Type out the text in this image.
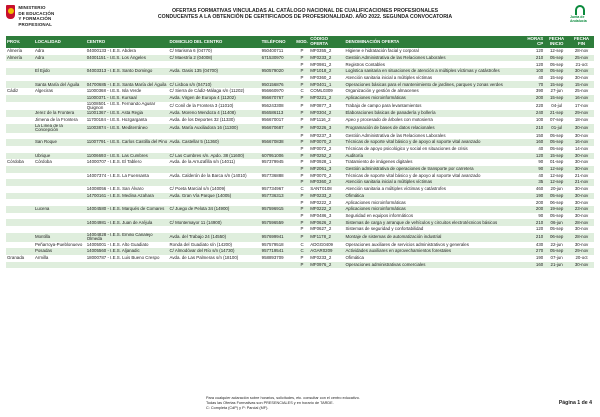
MINISTERIO
DE EDUCACIÓN
Y FORMACIÓN PROFESIONAL
OFERTAS FORMATIVAS VINCULADAS AL CATÁLOGO NACIONAL DE CUALIFICACIONES PROFESIONALES
CONDUCENTES A LA OBTENCIÓN DE CERTIFICADOS DE PROFESIONALIDAD. AÑO 2022. SEGUNDA CONVOCATORIA	Junta de Andalucía
PROV.	LOCALIDAD	CENTRO	DOMICILIO DEL CENTRO	TELÉFONO	MOD.	CÓDIGO OFERTA	DENOMINACIÓN OFERTA	HORAS CP	FECHA INICIO	FECHA FIN
Almería	Adra	04000133 - I.E.S. Abdera	C/ Marisma 6 (04770)	950400711	P	MF0355_2	Higiene e hidratación facial y corporal	120	12-sep	28-nov
Almería	Adra	04001151 - I.E.S. Los Ángeles	C/ Maestría 2 (04008)	671530970	P	MF0233_2	Gestión Administrativa de las Relaciones Laborales	210	05-sep	25-nov
					P	MF0981_2	Registros Contables	120	05-sep	21-oct
	El Ejido	04003313 - I.E.S. Santo Domingo	Avda. Oasis 135 (04700)	950579020	P	MF1018_2	Logística sanitaria en situaciones de atención a múltiples víctimas y catástrofes	100	05-sep	30-nov
					P	MF0360_2	Atención sanitaria inicial a múltiples víctimas	40	15-sep	30-nov
	Santa María del Águila	04700685 - I.E.S. Santa María del Águila	C/ Lisboa s/n (04710)	950156876	P	MF0401_1	Operaciones básicas para el mantenimiento de jardines, parques y zonas verdes	70	15-sep	15-nov
Cádiz	Algeciras	11000368 - I.E.S. Isla Verde	C/ Sierra de Cádiz-Málaga s/n (11202)	956660970	C	COML0309	Organización y gestión de almacenes	390	27-jun	25-nov
		11000371 - I.E.S. Kursaal	Avda. Virgen de Europa 4 (11202)	956670767	P	MF0221_2	Aplicaciones microinformáticas	200	15-sep	16-nov
		11008501 - I.E.S. Fernando Aguilar Quignon	C/ Conil de la Frontera 3 (11010)	956243308	P	MF0877_3	Trabajo de campo para levantamientos	220	04-jul	17-nov
	Jerez de la Frontera	11001367 - I.E.S. Asta Regia	Avda. Moreno Mendoza 4 (11408)	856586113	P	MF0304_2	Elaboraciones básicas de panadería y bollería	240	21-sep	29-nov
	Jimena de la Frontera	11700184 - I.E.S. Hozgarganta	Avda. de los Deportes 32 (11330)	956670017	P	MF1116_2	Apeo y procesado de árboles con motosierra	100	07-sep	18-nov
	La Línea de la Concepción	11003874 - I.E.S. Mediterráneo	Avda. María Auxiliadora 16 (11300)	956670687	P	MF0226_3	Programación de bases de datos relacionales	210	01-jul	30-nov
					P	MF0237_3	Gestión Administrativa de las Relaciones Laborales	150	05-sep	30-nov
	San Roque	11007791 - I.E.S. Carlos Castilla del Pino	Avda. Castellar 5 (11360)	956670838	P	MF0070_2	Técnicas de soporte vital básico y de apoyo al soporte vital avanzado	160	05-sep	16-nov
					P	MF0072_2	Técnicas de apoyo psicológico y social en situaciones de crisis	40	05-sep	14-nov
	Ubrique	11006693 - I.E.S. Las Cumbres	C/ Las Cumbres s/n. Apdo. 38 (11600)	607951006	P	MF0252_2	Auditoría	120	15-sep	30-nov
Córdoba	Córdoba	14000707 - I.E.S. El Tablero	Avda. de la Arruzafilla s/n (14011)	957379945	P	MF0928_1	Tratamiento de imágenes digitales	90	01-sep	30-nov
					P	MF2061_3	Gestión administrativa de operaciones de transporte por carretera	90	12-sep	30-nov
		14007374 - I.E.S. La Fuensanta	Avda. Calderón de la Barca s/n (14010)	957736888	P	MF0070_2	Técnicas de soporte vital básico y de apoyo al soporte vital avanzado	40	12-sep	21-nov
					P	MF0360_2	Atención sanitaria inicial a múltiples víctimas	35	12-sep	21-nov
		14008056 - I.E.S. San Álvaro	C/ Poeta Marcial s/n (14009)	957734967	C	SANT0108	Atención sanitaria a múltiples víctimas y catástrofes	460	20-jun	30-nov
		14700161 - I.E.S. Medina Azahara	Avda. Gran Vía Parque (14005)	957736313	P	MF0233_2	Ofimática	190	05-sep	30-nov
					P	MF0222_2	Aplicaciones microinformáticas	200	06-sep	30-nov
	Lucena	14004580 - I.E.S. Marqués de Comares	C/ Juego de Pelota 34 (14900)	957596915	P	MF0222_2	Aplicaciones microinformáticas	200	19-sep	23-nov
					P	MF0486_3	Seguridad en equipos informáticos	90	05-sep	30-nov
		14004981 - I.E.S. Juan de Aréjula	C/ Montemayor 11 (14900)	957596559	P	MF0626_2	Sistemas de carga y arranque de vehículos y circuitos electrotécnicos básicos	210	06-jun	28-nov
					P	MF0627_2	Sistemas de seguridad y confortabilidad	120	05-sep	30-nov
	Montilla	14004828 - I.E.S. Emilio Canalejo Olmeda	Avda. del Trabajo 24 (14550)	957699941	P	MF1178_2	Montaje de sistemas de automatización industrial	210	06-sep	28-nov
	Peñarroya-Pueblonuevo	14005001 - I.E.S. Alto Guadiato	Ronda del Guadiato s/n (14200)	957579518	C	ADGG0409	Operaciones auxiliares de servicios administrativos y generales	430	22-jun	30-nov
	Posadas	14005560 - I.E.S. Aljanadic	C/ Almodóvar del Río s/n (14730)	957719541	C	AGAR0209	Actividades auxiliares en aprovechamientos forestales	270	05-sep	29-nov
Granada	Armilla	18000787 - I.E.S. Luis Bueno Crespo	Avda. de Las Palmeras s/n (18100)	958893709	P	MF0233_2	Ofimática	190	07-jun	20-oct
					P	MF0976_2	Operaciones administrativas comerciales	160	21-jun	30-nov
Para cualquier aclaración sobre horarios, solicitudes, etc. consultar con el centro educativo.
Todas las Ofertas Formativas son PRESENCIALES y en horario de TARDE.
C: Completa (CdP) y P: Parcial (MF).
Página 1 de 4
